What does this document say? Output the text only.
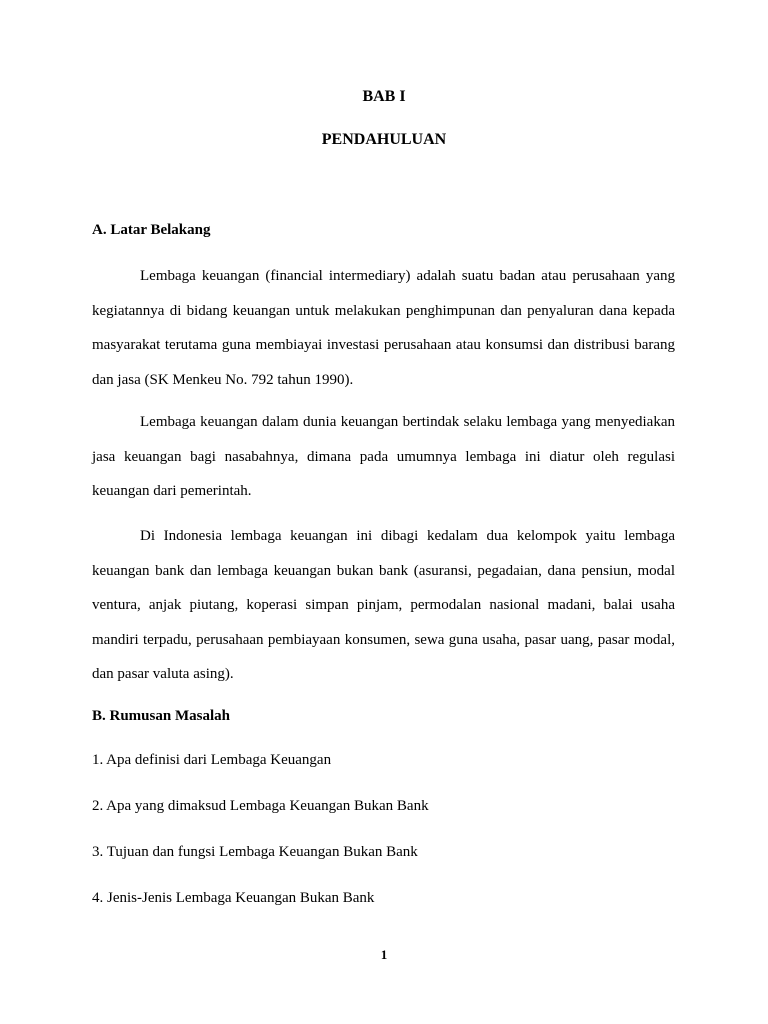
BAB I
PENDAHULUAN
A. Latar Belakang

Lembaga keuangan (financial intermediary) adalah suatu badan atau perusahaan yang kegiatannya di bidang keuangan untuk melakukan penghimpunan dan penyaluran dana kepada masyarakat terutama guna membiayai investasi perusahaan atau konsumsi dan distribusi barang dan jasa (SK Menkeu No. 792 tahun 1990).

Lembaga keuangan dalam dunia keuangan bertindak selaku lembaga yang menyediakan jasa keuangan bagi nasabahnya, dimana pada umumnya lembaga ini diatur oleh regulasi keuangan dari pemerintah.

Di Indonesia lembaga keuangan ini dibagi kedalam dua kelompok yaitu lembaga keuangan bank dan lembaga keuangan bukan bank (asuransi, pegadaian, dana pensiun, modal ventura, anjak piutang, koperasi simpan pinjam, permodalan nasional madani, balai usaha mandiri terpadu, perusahaan pembiayaan konsumen, sewa guna usaha, pasar uang, pasar modal, dan pasar valuta asing).

B. Rumusan Masalah
1. Apa definisi dari Lembaga Keuangan
2. Apa yang dimaksud Lembaga Keuangan Bukan Bank
3. Tujuan dan fungsi Lembaga Keuangan Bukan Bank
4. Jenis-Jenis Lembaga Keuangan Bukan Bank
1
